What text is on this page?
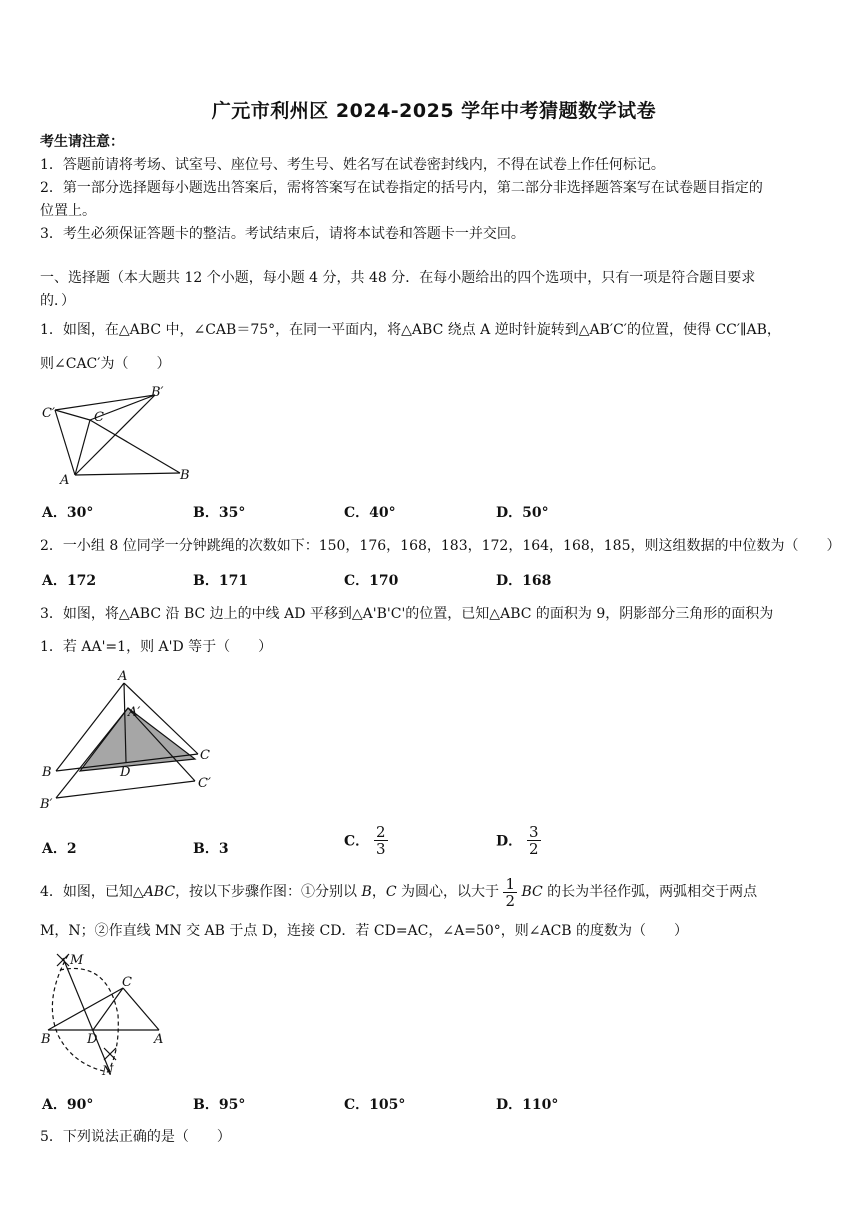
广元市利州区 2024-2025 学年中考猜题数学试卷
考生请注意：
1．答题前请将考场、试室号、座位号、考生号、姓名写在试卷密封线内，不得在试卷上作任何标记。
2．第一部分选择题每小题选出答案后，需将答案写在试卷指定的括号内，第二部分非选择题答案写在试卷题目指定的
位置上。
3．考生必须保证答题卡的整洁。考试结束后，请将本试卷和答题卡一并交回。
一、选择题（本大题共 12 个小题，每小题 4 分，共 48 分．在每小题给出的四个选项中，只有一项是符合题目要求
的．）
1．如图，在△ABC 中，∠CAB＝75°，在同一平面内，将△ABC 绕点 A 逆时针旋转到△AB′C′的位置，使得 CC′∥AB，
则∠CAC′为（　　）
C′	C
B′
A	B
A．30°	B．35°	C．40°	D．50°
2．一小组 8 位同学一分钟跳绳的次数如下：150，176，168，183，172，164，168，185，则这组数据的中位数为（　　）
A．172	B．171	C．170	D．168
3．如图，将△ABC 沿 BC 边上的中线 AD 平移到△A'B'C'的位置，已知△ABC 的面积为 9，阴影部分三角形的面积为
1．若 AA'=1，则 A'D 等于（　　）
A
A′
C
B	D
C′
B′
A．2	B．3	C． $\frac{2}{3}$	D． $\frac{3}{2}$
4．如图，已知△ABC，按以下步骤作图：①分别以 B，C 为圆心，以大于 $\frac{1}{2}$ BC 的长为半径作弧，两弧相交于两点
M，N；②作直线 MN 交 AB 于点 D，连接 CD．若 CD=AC，∠A=50°，则∠ACB 的度数为（　　）
M
C
B	D	A
N
A．90°	B．95°	C．105°	D．110°
5．下列说法正确的是（　　）
